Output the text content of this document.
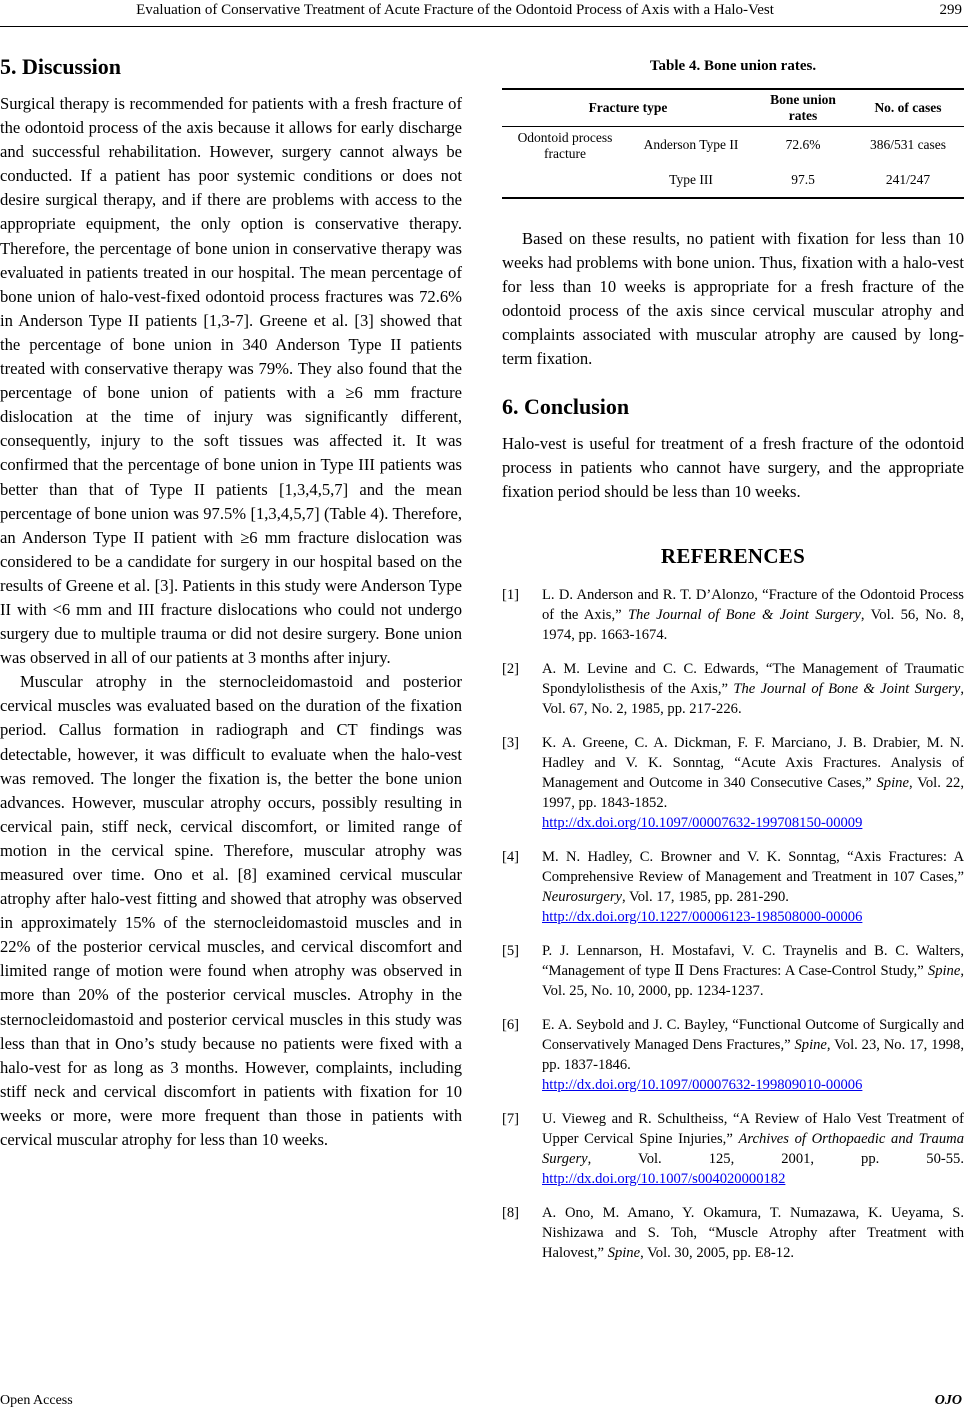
Evaluation of Conservative Treatment of Acute Fracture of the Odontoid Process of Axis with a Halo-Vest	299
5. Discussion

Surgical therapy is recommended for patients with a fresh fracture of the odontoid process of the axis because it allows for early discharge and successful rehabilitation. However, surgery cannot always be conducted. If a patient has poor systemic conditions or does not desire surgical therapy, and if there are problems with access to the appropriate equipment, the only option is conservative therapy. Therefore, the percentage of bone union in conservative therapy was evaluated in patients treated in our hospital. The mean percentage of bone union of halo-vest-fixed odontoid process fractures was 72.6% in Anderson Type II patients [1,3-7]. Greene et al. [3] showed that the percentage of bone union in 340 Anderson Type II patients treated with conservative therapy was 79%. They also found that the percentage of bone union of patients with a ≥6 mm fracture dislocation at the time of injury was significantly different, consequently, injury to the soft tissues was affected it. It was confirmed that the percentage of bone union in Type III patients was better than that of Type II patients [1,3,4,5,7] and the mean percentage of bone union was 97.5% [1,3,4,5,7] (Table 4). Therefore, an Anderson Type II patient with ≥6 mm fracture dislocation was considered to be a candidate for surgery in our hospital based on the results of Greene et al. [3]. Patients in this study were Anderson Type II with <6 mm and III fracture dislocations who could not undergo surgery due to multiple trauma or did not desire surgery. Bone union was observed in all of our patients at 3 months after injury.

Muscular atrophy in the sternocleidomastoid and posterior cervical muscles was evaluated based on the duration of the fixation period. Callus formation in radiograph and CT findings was detectable, however, it was difficult to evaluate when the halo-vest was removed. The longer the fixation is, the better the bone union advances. However, muscular atrophy occurs, possibly resulting in cervical pain, stiff neck, cervical discomfort, or limited range of motion in the cervical spine. Therefore, muscular atrophy was measured over time. Ono et al. [8] examined cervical muscular atrophy after halo-vest fitting and showed that atrophy was observed in approximately 15% of the sternocleidomastoid muscles and in 22% of the posterior cervical muscles, and cervical discomfort and limited range of motion were found when atrophy was observed in more than 20% of the posterior cervical muscles. Atrophy in the sternocleidomastoid and posterior cervical muscles in this study was less than that in Ono’s study because no patients were fixed with a halo-vest for as long as 3 months. However, complaints, including stiff neck and cervical discomfort in patients with fixation for 10 weeks or more, were more frequent than those in patients with cervical muscular atrophy for less than 10 weeks.

Table 4. Bone union rates.
Fracture type		Bone union rates	No. of cases
Odontoid process fracture	Anderson Type II	72.6%	386/531 cases
	Type III	97.5	241/247

Based on these results, no patient with fixation for less than 10 weeks had problems with bone union. Thus, fixation with a halo-vest for less than 10 weeks is appropriate for a fresh fracture of the odontoid process of the axis since cervical muscular atrophy and complaints associated with muscular atrophy are caused by long-term fixation.

6. Conclusion

Halo-vest is useful for treatment of a fresh fracture of the odontoid process in patients who cannot have surgery, and the appropriate fixation period should be less than 10 weeks.

REFERENCES
[1]	L. D. Anderson and R. T. D’Alonzo, “Fracture of the Odontoid Process of the Axis,” The Journal of Bone & Joint Surgery, Vol. 56, No. 8, 1974, pp. 1663-1674.
[2]	A. M. Levine and C. C. Edwards, “The Management of Traumatic Spondylolisthesis of the Axis,” The Journal of Bone & Joint Surgery, Vol. 67, No. 2, 1985, pp. 217-226.
[3]	K. A. Greene, C. A. Dickman, F. F. Marciano, J. B. Drabier, M. N. Hadley and V. K. Sonntag, “Acute Axis Fractures. Analysis of Management and Outcome in 340 Consecutive Cases,” Spine, Vol. 22, 1997, pp. 1843-1852.
http://dx.doi.org/10.1097/00007632-199708150-00009
[4]	M. N. Hadley, C. Browner and V. K. Sonntag, “Axis Fractures: A Comprehensive Review of Management and Treatment in 107 Cases,” Neurosurgery, Vol. 17, 1985, pp. 281-290.
http://dx.doi.org/10.1227/00006123-198508000-00006
[5]	P. J. Lennarson, H. Mostafavi, V. C. Traynelis and B. C. Walters, “Management of type Ⅱ Dens Fractures: A Case-Control Study,” Spine, Vol. 25, No. 10, 2000, pp. 1234-1237.
[6]	E. A. Seybold and J. C. Bayley, “Functional Outcome of Surgically and Conservatively Managed Dens Fractures,” Spine, Vol. 23, No. 17, 1998, pp. 1837-1846.
http://dx.doi.org/10.1097/00007632-199809010-00006
[7]	U. Vieweg and R. Schultheiss, “A Review of Halo Vest Treatment of Upper Cervical Spine Injuries,” Archives of Orthopaedic and Trauma Surgery, Vol. 125, 2001, pp. 50-55. http://dx.doi.org/10.1007/s004020000182
[8]	A. Ono, M. Amano, Y. Okamura, T. Numazawa, K. Ueyama, S. Nishizawa and S. Toh, “Muscle Atrophy after Treatment with Halovest,” Spine, Vol. 30, 2005, pp. E8-12.
Open Access	OJO
